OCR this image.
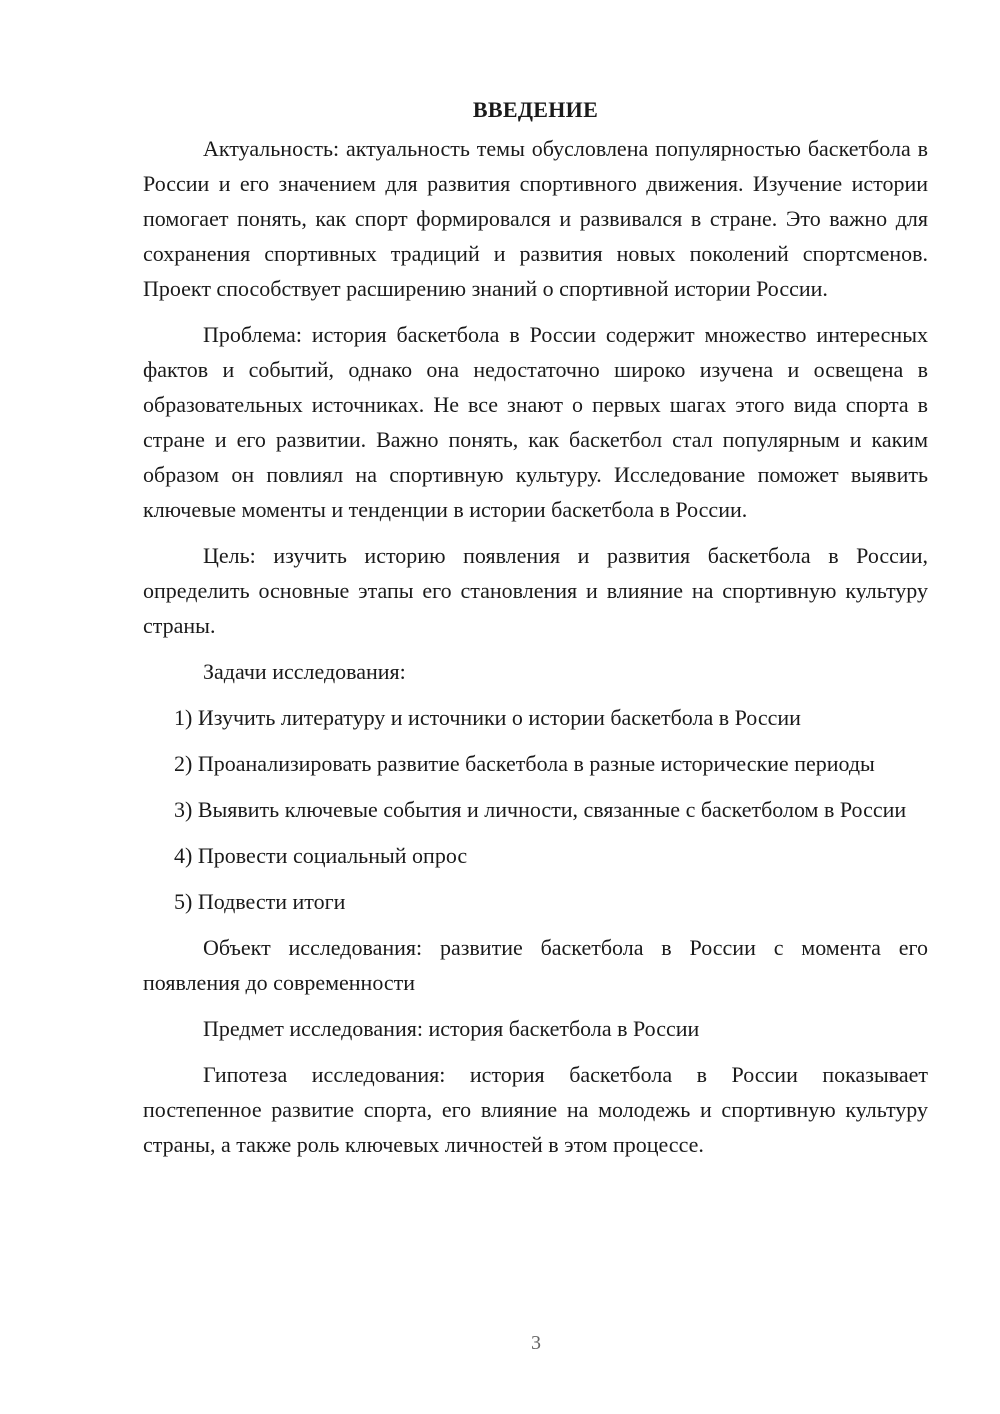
ВВЕДЕНИЕ

Актуальность: актуальность темы обусловлена популярностью баскетбола в России и его значением для развития спортивного движения. Изучение истории помогает понять, как спорт формировался и развивался в стране. Это важно для сохранения спортивных традиций и развития новых поколений спортсменов. Проект способствует расширению знаний о спортивной истории России.

Проблема: история баскетбола в России содержит множество интересных фактов и событий, однако она недостаточно широко изучена и освещена в образовательных источниках. Не все знают о первых шагах этого вида спорта в стране и его развитии. Важно понять, как баскетбол стал популярным и каким образом он повлиял на спортивную культуру. Исследование поможет выявить ключевые моменты и тенденции в истории баскетбола в России.

Цель: изучить историю появления и развития баскетбола в России, определить основные этапы его становления и влияние на спортивную культуру страны.

Задачи исследования:

1) Изучить литературу и источники о истории баскетбола в России

2) Проанализировать развитие баскетбола в разные исторические периоды

3) Выявить ключевые события и личности, связанные с баскетболом в России

4) Провести социальный опрос

5) Подвести итоги

Объект исследования: развитие баскетбола в России с момента его появления до современности

Предмет исследования: история баскетбола в России

Гипотеза исследования: история баскетбола в России показывает постепенное развитие спорта, его влияние на молодежь и спортивную культуру страны, а также роль ключевых личностей в этом процессе.

3
